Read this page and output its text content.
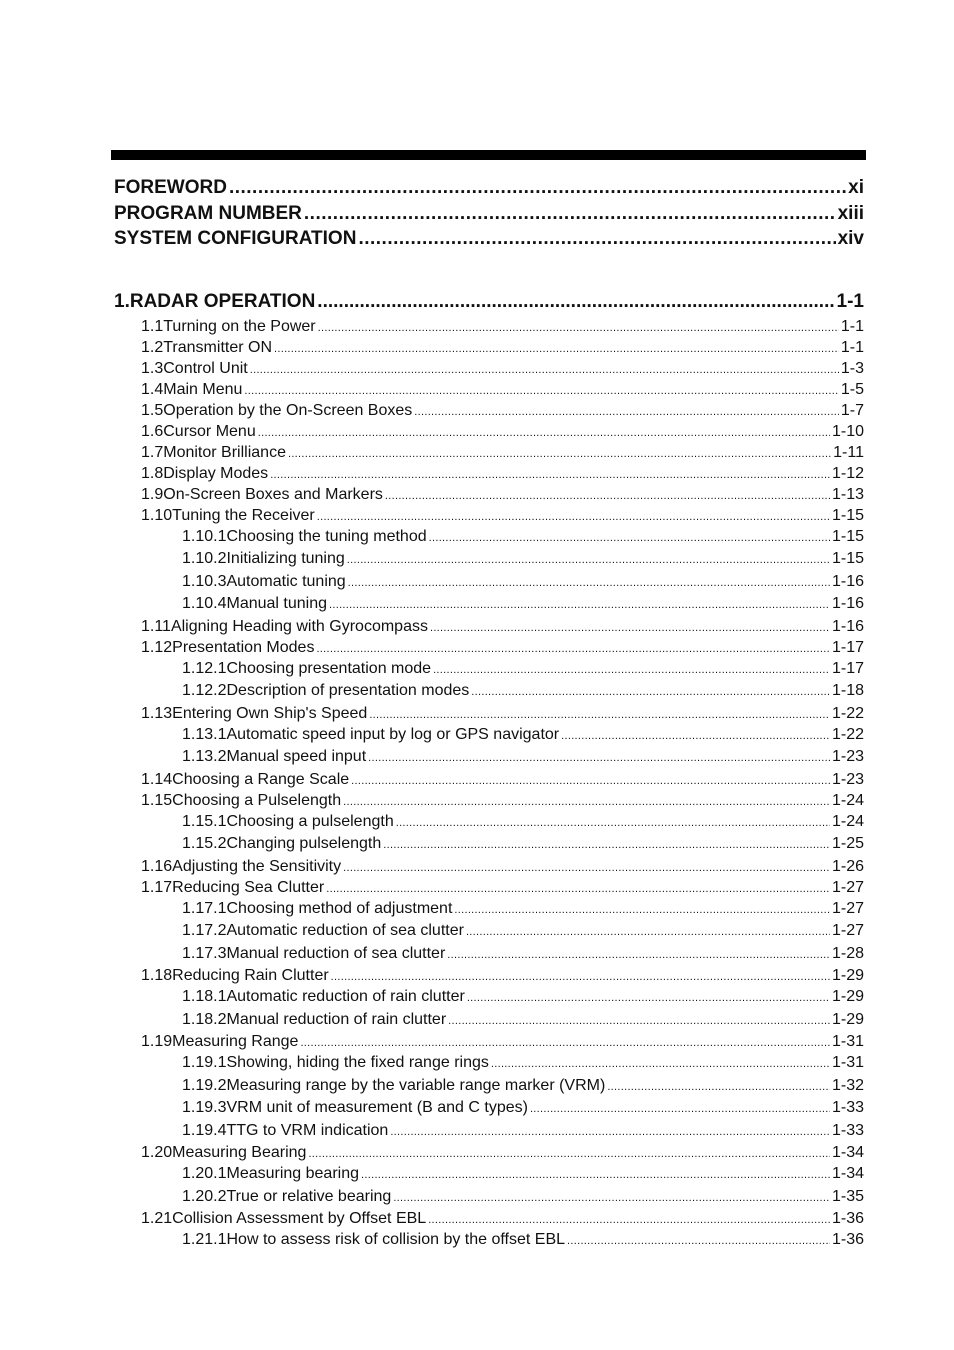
FOREWORD .....	xi
PROGRAM NUMBER .....	xiii
SYSTEM CONFIGURATION .....	xiv
1. RADAR OPERATION .....	1-1
1.1 Turning on the Power .....	1-1
1.2 Transmitter ON .....	1-1
1.3 Control Unit .....	1-3
1.4 Main Menu .....	1-5
1.5 Operation by the On-Screen Boxes .....	1-7
1.6 Cursor Menu .....	1-10
1.7 Monitor Brilliance .....	1-11
1.8 Display Modes .....	1-12
1.9 On-Screen Boxes and Markers .....	1-13
1.10 Tuning the Receiver .....	1-15
1.10.1 Choosing the tuning method .....	1-15
1.10.2 Initializing tuning .....	1-15
1.10.3 Automatic tuning .....	1-16
1.10.4 Manual tuning .....	1-16
1.11 Aligning Heading with Gyrocompass .....	1-16
1.12 Presentation Modes .....	1-17
1.12.1 Choosing presentation mode .....	1-17
1.12.2 Description of presentation modes .....	1-18
1.13 Entering Own Ship's Speed .....	1-22
1.13.1 Automatic speed input by log or GPS navigator .....	1-22
1.13.2 Manual speed input .....	1-23
1.14 Choosing a Range Scale .....	1-23
1.15 Choosing a Pulselength .....	1-24
1.15.1 Choosing a pulselength .....	1-24
1.15.2 Changing pulselength .....	1-25
1.16 Adjusting the Sensitivity .....	1-26
1.17 Reducing Sea Clutter .....	1-27
1.17.1 Choosing method of adjustment .....	1-27
1.17.2 Automatic reduction of sea clutter .....	1-27
1.17.3 Manual reduction of sea clutter .....	1-28
1.18 Reducing Rain Clutter .....	1-29
1.18.1 Automatic reduction of rain clutter .....	1-29
1.18.2 Manual reduction of rain clutter .....	1-29
1.19 Measuring Range .....	1-31
1.19.1 Showing, hiding the fixed range rings .....	1-31
1.19.2 Measuring range by the variable range marker (VRM) .....	1-32
1.19.3 VRM unit of measurement (B and C types) .....	1-33
1.19.4 TTG to VRM indication .....	1-33
1.20 Measuring Bearing .....	1-34
1.20.1 Measuring bearing .....	1-34
1.20.2 True or relative bearing .....	1-35
1.21 Collision Assessment by Offset EBL .....	1-36
1.21.1 How to assess risk of collision by the offset EBL .....	1-36
